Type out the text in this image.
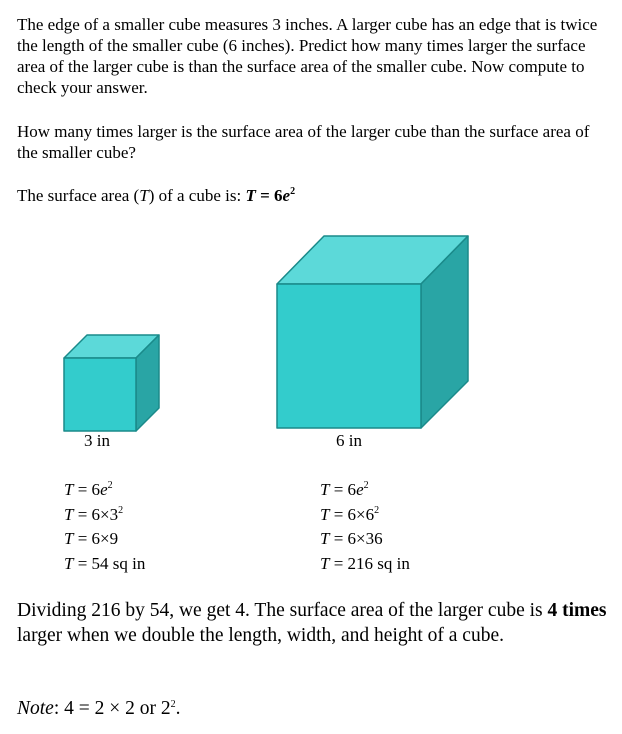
The edge of a smaller cube measures 3 inches. A larger cube has an edge that is twice the length of the smaller cube (6 inches). Predict how many times larger the surface area of the larger cube is than the surface area of the smaller cube. Now compute to check your answer.

How many times larger is the surface area of the larger cube than the surface area of the smaller cube?

The surface area (T) of a cube is: $T = 6e^2$

3 in	6 in
$T = 6e^2$
$T = 6\times 3^2$
T = 6×9
T = 54 sq in
$T = 6e^2$
$T = 6\times 6^2$
T = 6×36
T = 216 sq in

Dividing 216 by 54, we get 4. The surface area of the larger cube is 4 times larger when we double the length, width, and height of a cube.

Note: 4 = 2 × 2 or $2^2$.
